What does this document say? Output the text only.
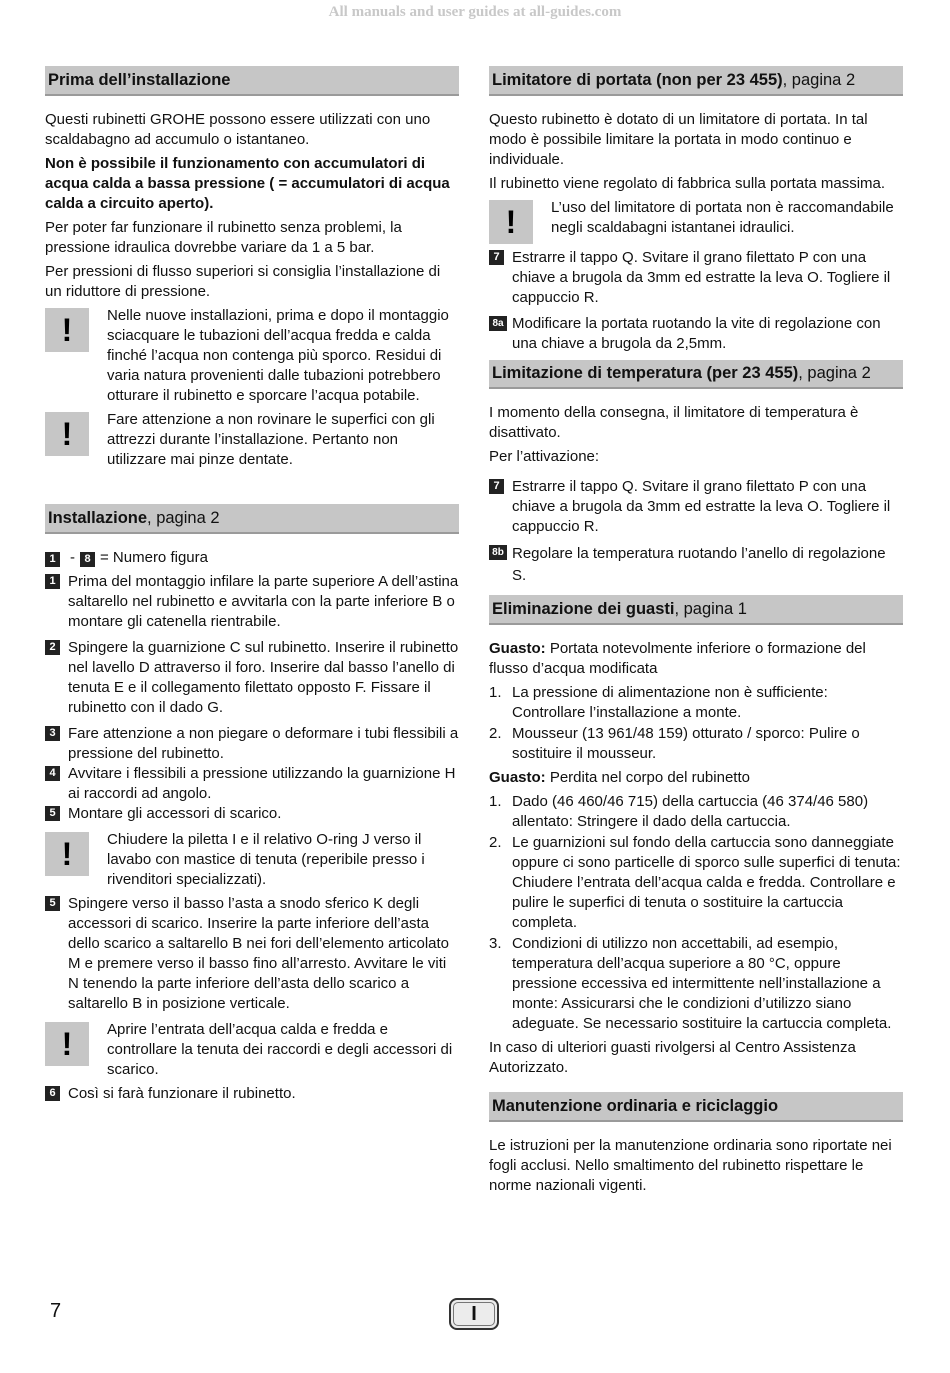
All manuals and user guides at all-guides.com
Prima dell’installazione

Questi rubinetti GROHE possono essere utilizzati con uno scaldabagno ad accumulo o istantaneo.

Non è possibile il funzionamento con accumulatori di acqua calda a bassa pressione ( = accumulatori di acqua calda a circuito aperto).

Per poter far funzionare il rubinetto senza problemi, la pressione idraulica dovrebbe variare da 1 a 5 bar.

Per pressioni di flusso superiori si consiglia l’installazione di un riduttore di pressione.

!	Nelle nuove installazioni, prima e dopo il montaggio sciacquare le tubazioni dell’acqua fredda e calda finché l’acqua non contenga più sporco. Residui di varia natura provenienti dalle tubazioni potrebbero otturare il rubinetto e sporcare l’acqua potabile.
!	Fare attenzione a non rovinare le superfici con gli attrezzi durante l’installazione. Pertanto non utilizzare mai pinze dentate.
Installazione, pagina 2
1 - 8 = Numero figura
1 Prima del montaggio infilare la parte superiore A dell’astina saltarello nel rubinetto e avvitarla con la parte inferiore B o montare gli catenella rientrabile.
2 Spingere la guarnizione C sul rubinetto. Inserire il rubinetto nel lavello D attraverso il foro. Inserire dal basso l’anello di tenuta E e il collegamento filettato opposto F. Fissare il rubinetto con il dado G.
3 Fare attenzione a non piegare o deformare i tubi flessibili a pressione del rubinetto.
4 Avvitare i flessibili a pressione utilizzando la guarnizione H ai raccordi ad angolo.
5 Montare gli accessori di scarico.
!	Chiudere la piletta I e il relativo O-ring J verso il lavabo con mastice di tenuta (reperibile presso i rivenditori specializzati).
5 Spingere verso il basso l’asta a snodo sferico K degli accessori di scarico. Inserire la parte inferiore dell’asta dello scarico a saltarello B nei fori dell’elemento articolato M e premere verso il basso fino all’arresto. Avvitare le viti N tenendo la parte inferiore dell’asta dello scarico a saltarello B in posizione verticale.
!	Aprire l’entrata dell’acqua calda e fredda e controllare la tenuta dei raccordi e degli accessori di scarico.
6 Così si farà funzionare il rubinetto.
Limitatore di portata (non per 23 455), pagina 2

Questo rubinetto è dotato di un limitatore di portata. In tal modo è possibile limitare la portata in modo continuo e individuale.

Il rubinetto viene regolato di fabbrica sulla portata massima.

!	L’uso del limitatore di portata non è raccomandabile negli scaldabagni istantanei idraulici.
7 Estrarre il tappo Q. Svitare il grano filettato P con una chiave a brugola da 3mm ed estratte la leva O. Togliere il cappuccio R.
8a Modificare la portata ruotando la vite di regolazione con una chiave a brugola da 2,5mm.
Limitazione di temperatura (per 23 455), pagina 2

I momento della consegna, il limitatore di temperatura è disattivato.

Per l’attivazione:

7 Estrarre il tappo Q. Svitare il grano filettato P con una chiave a brugola da 3mm ed estratte la leva O. Togliere il cappuccio R.
8b Regolare la temperatura ruotando l’anello di regolazione S.
Eliminazione dei guasti, pagina 1

Guasto: Portata notevolmente inferiore o formazione del flusso d’acqua modificata

1. La pressione di alimentazione non è sufficiente: Controllare l’installazione a monte.
2. Mousseur (13 961/48 159) otturato / sporco: Pulire o sostituire il mousseur.

Guasto: Perdita nel corpo del rubinetto

1. Dado (46 460/46 715) della cartuccia (46 374/46 580) allentato: Stringere il dado della cartuccia.
2. Le guarnizioni sul fondo della cartuccia sono danneggiate oppure ci sono particelle di sporco sulle superfici di tenuta: Chiudere l’entrata dell’acqua calda e fredda. Controllare e pulire le superfici di tenuta o sostituire la cartuccia completa.
3. Condizioni di utilizzo non accettabili, ad esempio, temperatura dell’acqua superiore a 80 °C, oppure pressione eccessiva ed intermittente nell’installazione a monte: Assicurarsi che le condizioni d’utilizzo siano adeguate. Se necessario sostituire la cartuccia completa.

In caso di ulteriori guasti rivolgersi al Centro Assistenza Autorizzato.

Manutenzione ordinaria e riciclaggio

Le istruzioni per la manutenzione ordinaria sono riportate nei fogli acclusi. Nello smaltimento del rubinetto rispettare le norme nazionali vigenti.

7	I
